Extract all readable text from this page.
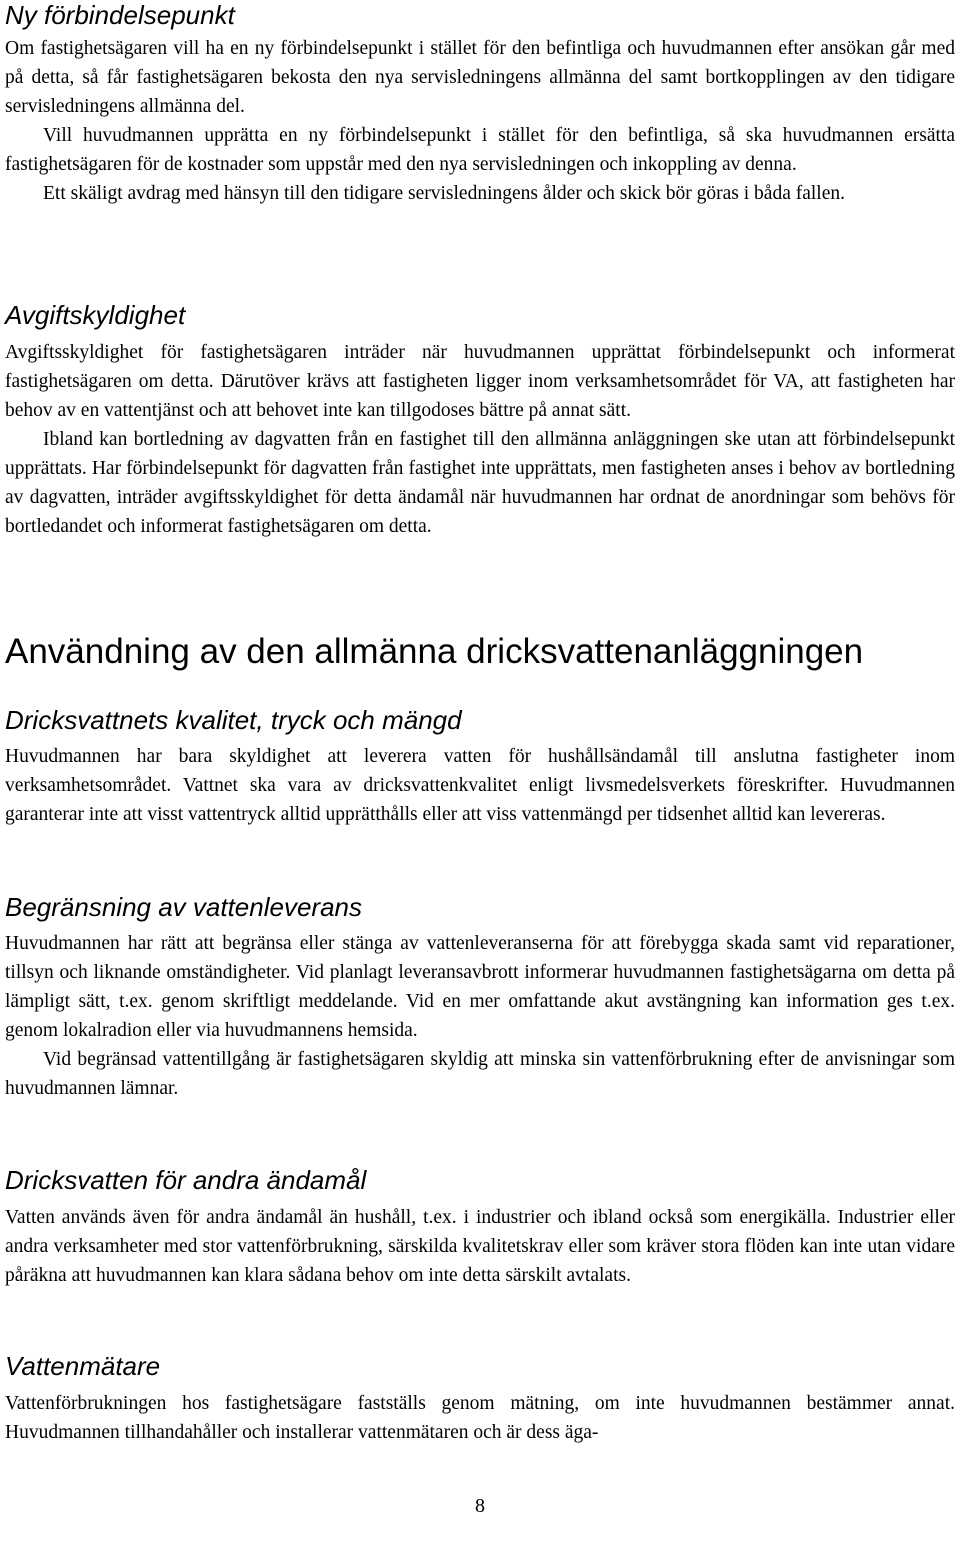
Ny förbindelsepunkt

Om fastighetsägaren vill ha en ny förbindelsepunkt i stället för den befintliga och huvudmannen efter ansökan går med på detta, så får fastighetsägaren bekosta den nya servisledningens allmänna del samt bortkopplingen av den tidigare servisledningens allmänna del.

Vill huvudmannen upprätta en ny förbindelsepunkt i stället för den befintliga, så ska huvudmannen ersätta fastighetsägaren för de kostnader som uppstår med den nya servisledningen och inkoppling av denna.

Ett skäligt avdrag med hänsyn till den tidigare servisledningens ålder och skick bör göras i båda fallen.

Avgiftskyldighet

Avgiftsskyldighet för fastighetsägaren inträder när huvudmannen upprättat förbindelsepunkt och informerat fastighetsägaren om detta. Därutöver krävs att fastigheten ligger inom verksamhetsområdet för VA, att fastigheten har behov av en vattentjänst och att behovet inte kan tillgodoses bättre på annat sätt.

Ibland kan bortledning av dagvatten från en fastighet till den allmänna anläggningen ske utan att förbindelsepunkt upprättats. Har förbindelsepunkt för dagvatten från fastighet inte upprättats, men fastigheten anses i behov av bortledning av dagvatten, inträder avgiftsskyldighet för detta ändamål när huvudmannen har ordnat de anordningar som behövs för bortledandet och informerat fastighetsägaren om detta.

Användning av den allmänna dricksvattenanläggningen
Dricksvattnets kvalitet, tryck och mängd

Huvudmannen har bara skyldighet att leverera vatten för hushållsändamål till anslutna fastigheter inom verksamhetsområdet. Vattnet ska vara av dricksvattenkvalitet enligt livsmedelsverkets föreskrifter. Huvudmannen garanterar inte att visst vattentryck alltid upprätthålls eller att viss vattenmängd per tidsenhet alltid kan levereras.

Begränsning av vattenleverans

Huvudmannen har rätt att begränsa eller stänga av vattenleveranserna för att förebygga skada samt vid reparationer, tillsyn och liknande omständigheter. Vid planlagt leveransavbrott informerar huvudmannen fastighetsägarna om detta på lämpligt sätt, t.ex. genom skriftligt meddelande. Vid en mer omfattande akut avstängning kan information ges t.ex. genom lokalradion eller via huvudmannens hemsida.

Vid begränsad vattentillgång är fastighetsägaren skyldig att minska sin vattenförbrukning efter de anvisningar som huvudmannen lämnar.

Dricksvatten för andra ändamål

Vatten används även för andra ändamål än hushåll, t.ex. i industrier och ibland också som energikälla. Industrier eller andra verksamheter med stor vattenförbrukning, särskilda kvalitetskrav eller som kräver stora flöden kan inte utan vidare påräkna att huvudmannen kan klara sådana behov om inte detta särskilt avtalats.

Vattenmätare

Vattenförbrukningen hos fastighetsägare fastställs genom mätning, om inte huvudmannen bestämmer annat. Huvudmannen tillhandahåller och installerar vattenmätaren och är dess äga-

8
